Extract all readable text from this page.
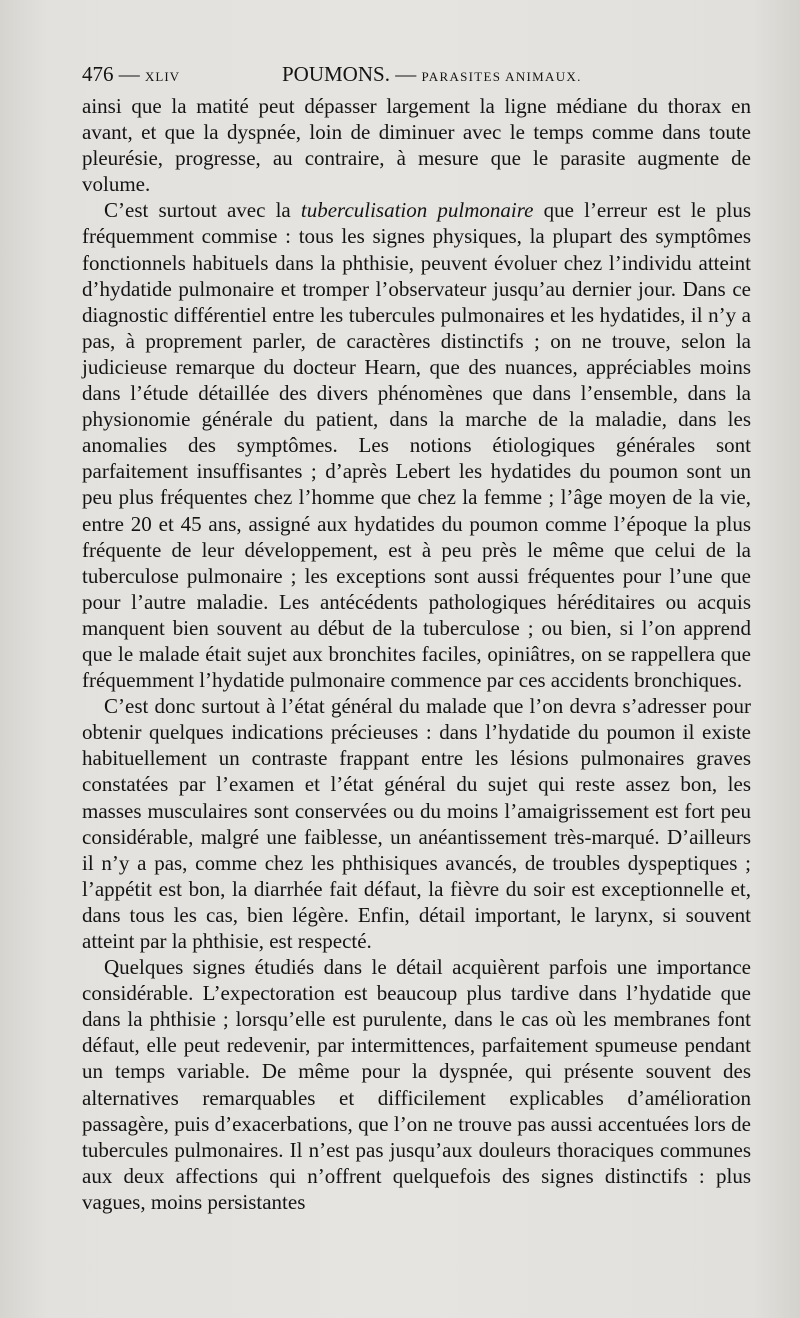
476 — XLIV	POUMONS. — PARASITES ANIMAUX.

ainsi que la matité peut dépasser largement la ligne médiane du thorax en avant, et que la dyspnée, loin de diminuer avec le temps comme dans toute pleurésie, progresse, au contraire, à mesure que le parasite augmente de volume.

C’est surtout avec la tuberculisation pulmonaire que l’erreur est le plus fréquemment commise : tous les signes physiques, la plupart des symptômes fonctionnels habituels dans la phthisie, peuvent évoluer chez l’individu atteint d’hydatide pulmonaire et tromper l’observateur jusqu’au dernier jour. Dans ce diagnostic différentiel entre les tubercules pulmonaires et les hydatides, il n’y a pas, à proprement parler, de caractères distinctifs ; on ne trouve, selon la judicieuse remarque du docteur Hearn, que des nuances, appréciables moins dans l’étude détaillée des divers phénomènes que dans l’ensemble, dans la physionomie générale du patient, dans la marche de la maladie, dans les anomalies des symptômes. Les notions étiologiques générales sont parfaitement insuffisantes ; d’après Lebert les hydatides du poumon sont un peu plus fréquentes chez l’homme que chez la femme ; l’âge moyen de la vie, entre 20 et 45 ans, assigné aux hydatides du poumon comme l’époque la plus fréquente de leur développement, est à peu près le même que celui de la tuberculose pulmonaire ; les exceptions sont aussi fréquentes pour l’une que pour l’autre maladie. Les antécédents pathologiques héréditaires ou acquis manquent bien souvent au début de la tuberculose ; ou bien, si l’on apprend que le malade était sujet aux bronchites faciles, opiniâtres, on se rappellera que fréquemment l’hydatide pulmonaire commence par ces accidents bronchiques.

C’est donc surtout à l’état général du malade que l’on devra s’adresser pour obtenir quelques indications précieuses : dans l’hydatide du poumon il existe habituellement un contraste frappant entre les lésions pulmonaires graves constatées par l’examen et l’état général du sujet qui reste assez bon, les masses musculaires sont conservées ou du moins l’amaigrissement est fort peu considérable, malgré une faiblesse, un anéantissement très-marqué. D’ailleurs il n’y a pas, comme chez les phthisiques avancés, de troubles dyspeptiques ; l’appétit est bon, la diarrhée fait défaut, la fièvre du soir est exceptionnelle et, dans tous les cas, bien légère. Enfin, détail important, le larynx, si souvent atteint par la phthisie, est respecté.

Quelques signes étudiés dans le détail acquièrent parfois une importance considérable. L’expectoration est beaucoup plus tardive dans l’hydatide que dans la phthisie ; lorsqu’elle est purulente, dans le cas où les membranes font défaut, elle peut redevenir, par intermittences, parfaitement spumeuse pendant un temps variable. De même pour la dyspnée, qui présente souvent des alternatives remarquables et difficilement explicables d’amélioration passagère, puis d’exacerbations, que l’on ne trouve pas aussi accentuées lors de tubercules pulmonaires. Il n’est pas jusqu’aux douleurs thoraciques communes aux deux affections qui n’offrent quelquefois des signes distinctifs : plus vagues, moins persistantes
